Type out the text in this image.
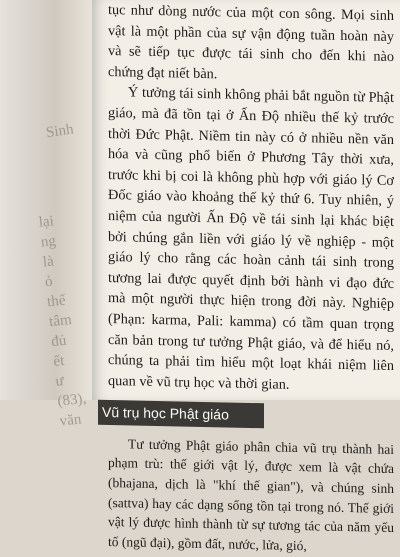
Sinh
lại
ng
là
ỏ
thế
tâm
đủ
ết
ư
(83),
văn

tục như dòng nước của một con sông. Mọi sinh vật là một phần của sự vận động tuần hoàn này và sẽ tiếp tục được tái sinh cho đến khi nào chứng đạt niết bàn.

Ý tưởng tái sinh không phải bắt nguồn từ Phật giáo, mà đã tồn tại ở Ấn Độ nhiều thế kỷ trước thời Đức Phật. Niềm tin này có ở nhiều nền văn hóa và cũng phổ biến ở Phương Tây thời xưa, trước khi bị coi là không phù hợp với giáo lý Cơ Đốc giáo vào khoảng thế kỷ thứ 6. Tuy nhiên, ý niệm của người Ấn Độ về tái sinh lại khác biệt bởi chúng gắn liền với giáo lý về nghiệp - một giáo lý cho rằng các hoàn cảnh tái sinh trong tương lai được quyết định bởi hành vi đạo đức mà một người thực hiện trong đời này. Nghiệp (Phạn: karma, Pali: kamma) có tầm quan trọng căn bản trong tư tưởng Phật giáo, và để hiểu nó, chúng ta phải tìm hiểu một loạt khái niệm liên quan về vũ trụ học và thời gian.

Vũ trụ học Phật giáo

Tư tưởng Phật giáo phân chia vũ trụ thành hai phạm trù: thế giới vật lý, được xem là vật chứa (bhajana, dịch là "khí thế gian"), và chúng sinh (sattva) hay các dạng sống tồn tại trong nó. Thế giới vật lý được hình thành từ sự tương tác của năm yếu tố (ngũ đại), gồm đất, nước, lửa, gió,
